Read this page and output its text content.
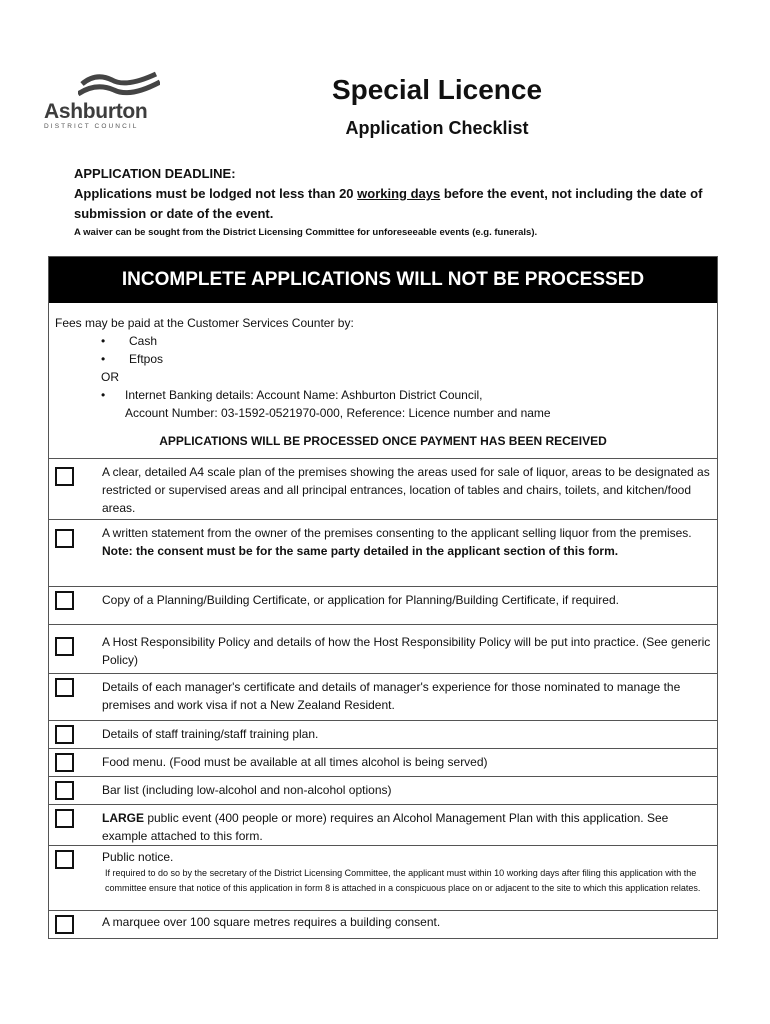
Ashburton
DISTRICT COUNCIL
Special Licence
Application Checklist
APPLICATION DEADLINE:
Applications must be lodged not less than 20 working days before the event, not including the date of submission or date of the event.
A waiver can be sought from the District Licensing Committee for unforeseeable events (e.g. funerals).
INCOMPLETE APPLICATIONS WILL NOT BE PROCESSED
Fees may be paid at the Customer Services Counter by:
•	Cash
•	Eftpos
OR
•	Internet Banking details: Account Name: Ashburton District Council,
Account Number: 03-1592-0521970-000, Reference: Licence number and name
APPLICATIONS WILL BE PROCESSED ONCE PAYMENT HAS BEEN RECEIVED
A clear, detailed A4 scale plan of the premises showing the areas used for sale of liquor, areas to be designated as restricted or supervised areas and all principal entrances, location of tables and chairs, toilets, and kitchen/food areas.
A written statement from the owner of the premises consenting to the applicant selling liquor from the premises.
Note: the consent must be for the same party detailed in the applicant section of this form.
Copy of a Planning/Building Certificate, or application for Planning/Building Certificate, if required.
A Host Responsibility Policy and details of how the Host Responsibility Policy will be put into practice. (See generic Policy)
Details of each manager's certificate and details of manager's experience for those nominated to manage the premises and work visa if not a New Zealand Resident.
Details of staff training/staff training plan.
Food menu. (Food must be available at all times alcohol is being served)
Bar list (including low-alcohol and non-alcohol options)
LARGE public event (400 people or more) requires an Alcohol Management Plan with this application. See example attached to this form.
Public notice.
If required to do so by the secretary of the District Licensing Committee, the applicant must within 10 working days after filing this application with the committee ensure that notice of this application in form 8 is attached in a conspicuous place on or adjacent to the site to which this application relates.
A marquee over 100 square metres requires a building consent.
